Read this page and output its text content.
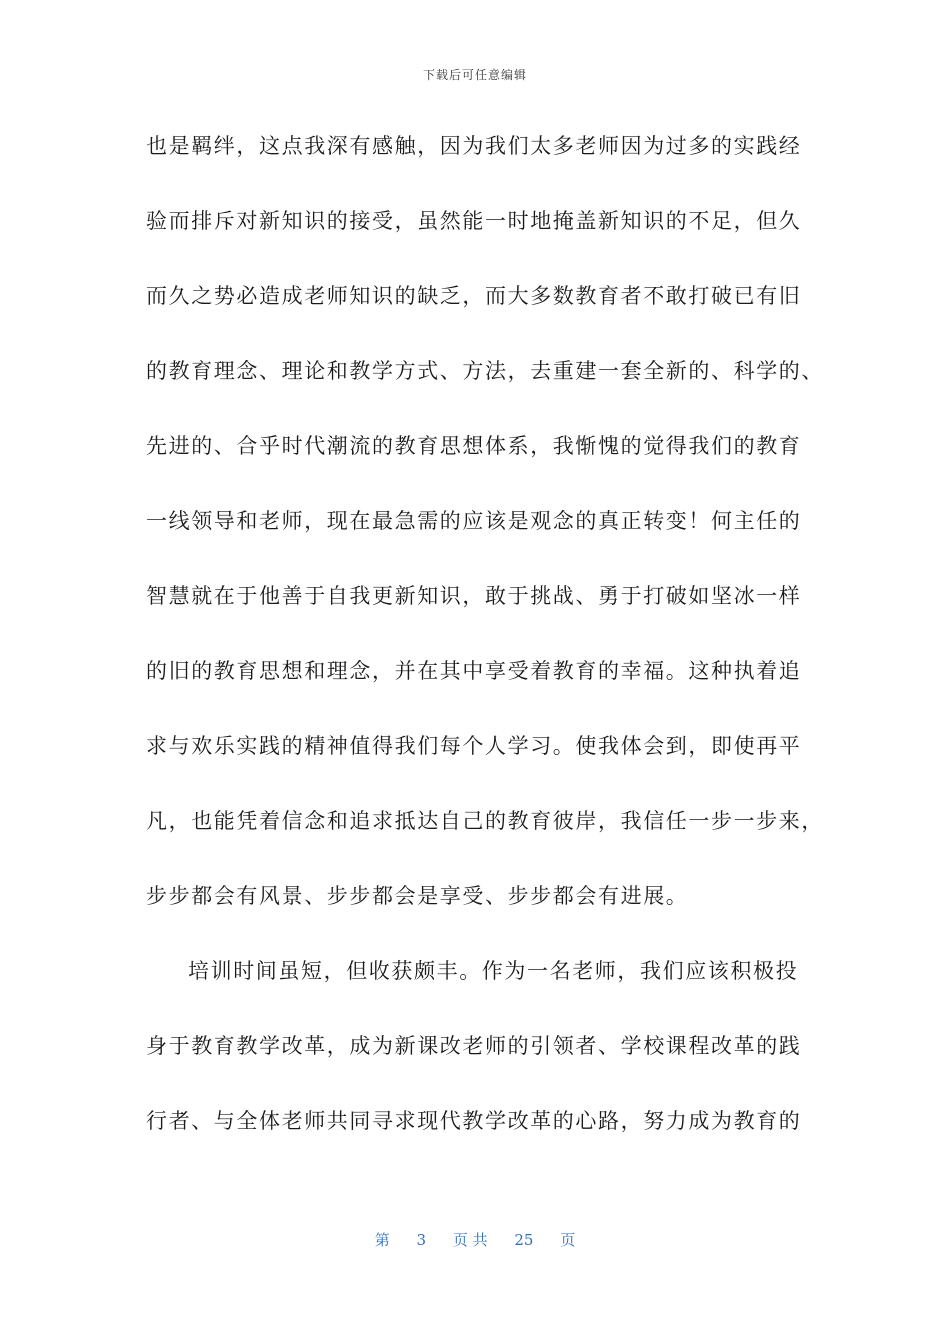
下载后可任意编辑
也是羁绊，这点我深有感触，因为我们太多老师因为过多的实践经
验而排斥对新知识的接受，虽然能一时地掩盖新知识的不足，但久
而久之势必造成老师知识的缺乏，而大多数教育者不敢打破已有旧
的教育理念、理论和教学方式、方法，去重建一套全新的、科学的、
先进的、合乎时代潮流的教育思想体系，我惭愧的觉得我们的教育
一线领导和老师，现在最急需的应该是观念的真正转变！何主任的
智慧就在于他善于自我更新知识，敢于挑战、勇于打破如坚冰一样
的旧的教育思想和理念，并在其中享受着教育的幸福。这种执着追
求与欢乐实践的精神值得我们每个人学习。使我体会到，即使再平
凡，也能凭着信念和追求抵达自己的教育彼岸，我信任一步一步来，
步步都会有风景、步步都会是享受、步步都会有进展。
培训时间虽短，但收获颇丰。作为一名老师，我们应该积极投
身于教育教学改革，成为新课改老师的引领者、学校课程改革的践
行者、与全体老师共同寻求现代教学改革的心路，努力成为教育的
第 3 页 共 25 页
